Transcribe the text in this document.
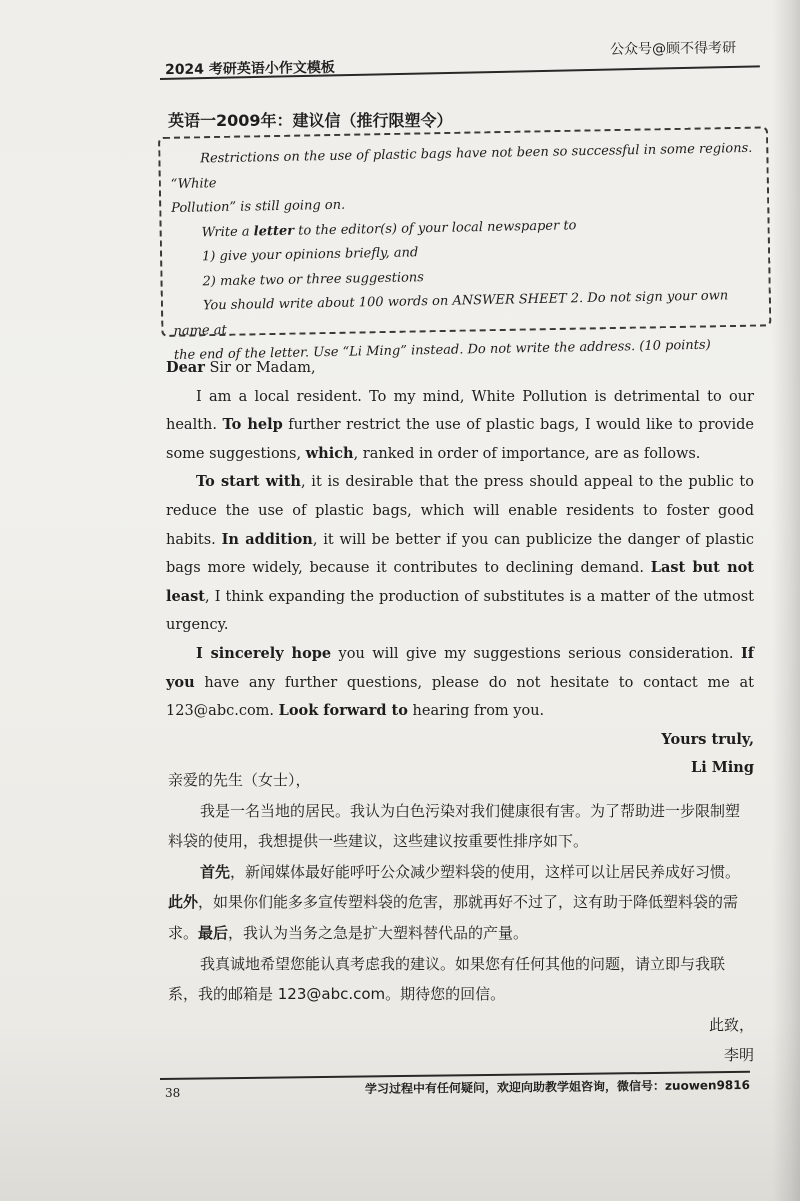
2024 考研英语小作文模板
公众号@顾不得考研
英语一2009年：建议信（推行限塑令）

Restrictions on the use of plastic bags have not been so successful in some regions. “White

Pollution” is still going on.

Write a letter to the editor(s) of your local newspaper to

1) give your opinions briefly, and

2) make two or three suggestions

You should write about 100 words on ANSWER SHEET 2. Do not sign your own name at

the end of the letter. Use “Li Ming” instead. Do not write the address. (10 points)

Dear Sir or Madam,

I am a local resident. To my mind, White Pollution is detrimental to our health. To help further restrict the use of plastic bags, I would like to provide some suggestions, which, ranked in order of importance, are as follows.

To start with, it is desirable that the press should appeal to the public to reduce the use of plastic bags, which will enable residents to foster good habits. In addition, it will be better if you can publicize the danger of plastic bags more widely, because it contributes to declining demand. Last but not least, I think expanding the production of substitutes is a matter of the utmost urgency.

I sincerely hope you will give my suggestions serious consideration. If you have any further questions, please do not hesitate to contact me at 123@abc.com. Look forward to hearing from you.

Yours truly,

Li Ming

亲爱的先生（女士），

我是一名当地的居民。我认为白色污染对我们健康很有害。为了帮助进一步限制塑料袋的使用，我想提供一些建议，这些建议按重要性排序如下。

首先，新闻媒体最好能呼吁公众减少塑料袋的使用，这样可以让居民养成好习惯。此外，如果你们能多多宣传塑料袋的危害，那就再好不过了，这有助于降低塑料袋的需求。最后，我认为当务之急是扩大塑料替代品的产量。

我真诚地希望您能认真考虑我的建议。如果您有任何其他的问题，请立即与我联系，我的邮箱是 123@abc.com。期待您的回信。

此致，

李明

38	学习过程中有任何疑问，欢迎向助教学姐咨询，微信号：zuowen9816
